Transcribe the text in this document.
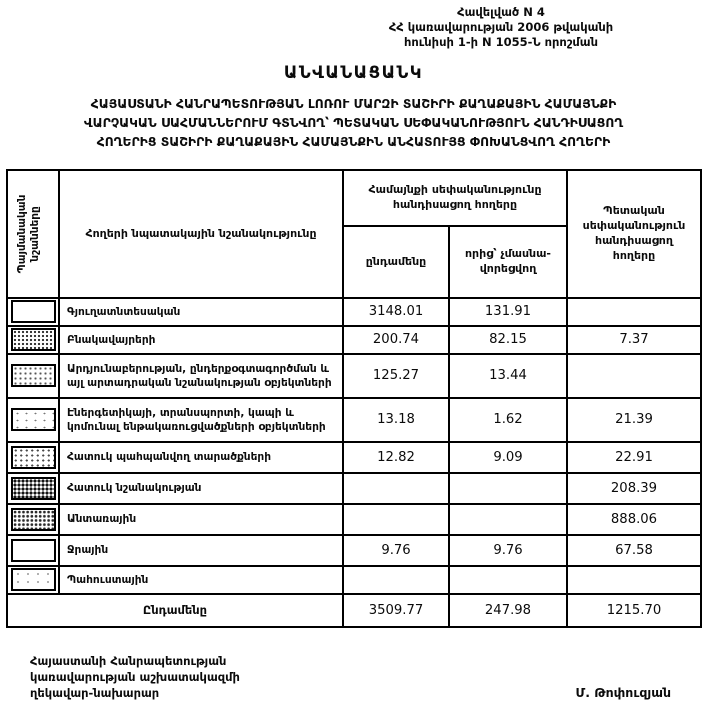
Հավելված N 4
ՀՀ կառավարության 2006 թվականի
հունիսի 1-ի N 1055-Ն որոշման
ԱՆՎԱՆԱՑԱՆԿ
ՀԱՅԱՍՏԱՆԻ ՀԱՆՐԱՊԵՏՈՒԹՅԱՆ ԼՈՌՈՒ ՄԱՐԶԻ ՏԱՇԻՐԻ ՔԱՂԱՔԱՅԻՆ ՀԱՄԱՅՆՔԻ
ՎԱՐՉԱԿԱՆ ՍԱՀՄԱՆՆԵՐՈՒՄ ԳՏՆՎՈՂ՝ ՊԵՏԱԿԱՆ ՍԵՓԱԿԱՆՈՒԹՅՈՒՆ ՀԱՆԴԻՍԱՑՈՂ
ՀՈՂԵՐԻՑ ՏԱՇԻՐԻ ՔԱՂԱՔԱՅԻՆ ՀԱՄԱՅՆՔԻՆ ԱՆՀԱՏՈՒՅՑ ՓՈԽԱՆՑՎՈՂ ՀՈՂԵՐԻ
Պայմանական նշանները	Հողերի նպատակային նշանակությունը	Համայնքի սեփականությունը հանդիսացող հողերը		Պետական սեփականություն հանդիսացող հողերը
		ընդամենը	որից՝ չմասնա-վորեցվող	

	Գյուղատնտեսական	3148.01	131.91	

	Բնակավայրերի	200.74	82.15	7.37

	Արդյունաբերության, ընդերքօգտագործման և այլ արտադրական նշանակության օբյեկտների	125.27	13.44	

	Էներգետիկայի, տրանսպորտի, կապի և կոմունալ ենթակառուցվածքների օբյեկտների	13.18	1.62	21.39

	Հատուկ պահպանվող տարածքների	12.82	9.09	22.91

	Հատուկ նշանակության			208.39

	Անտառային			888.06

	Ջրային	9.76	9.76	67.58

	Պահուստային			
Ընդամենը		3509.77	247.98	1215.70
Հայաստանի Հանրապետության
կառավարության աշխատակազմի
ղեկավար-նախարար	Մ. Թոփուզյան
